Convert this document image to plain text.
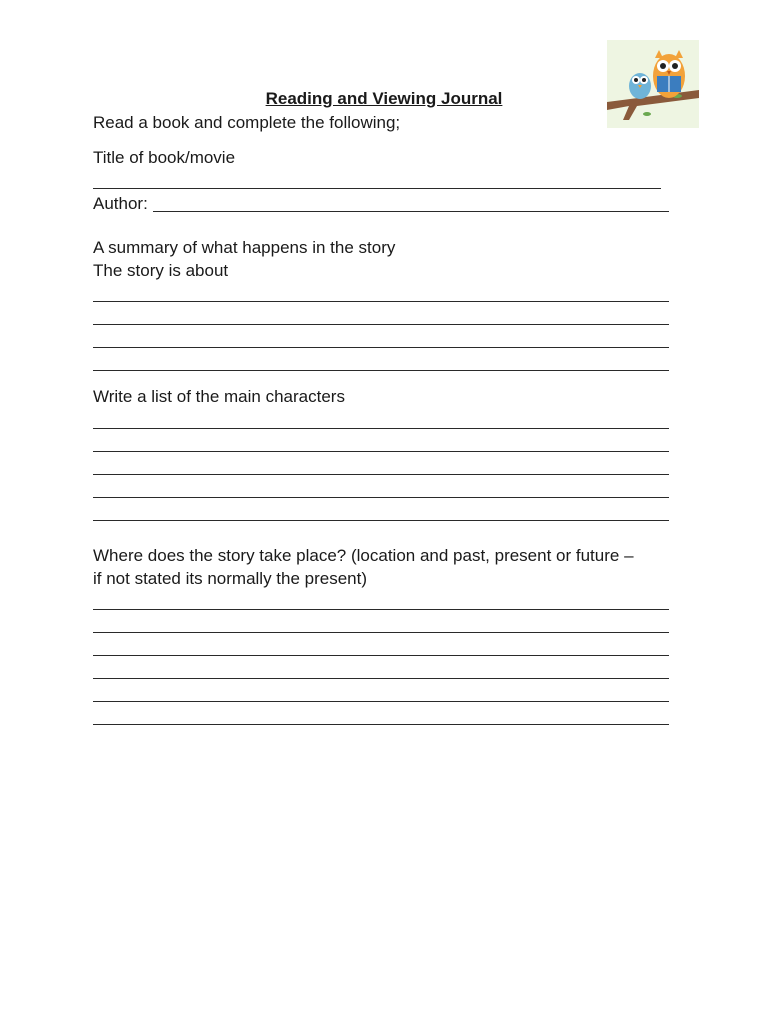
Reading and Viewing Journal
Read a book and complete the following;
Title of book/movie
Author:
A summary of what happens in the story
The story is about
Write a list of the main characters
Where does the story take place? (location and past, present or future –
if not stated its normally the present)
